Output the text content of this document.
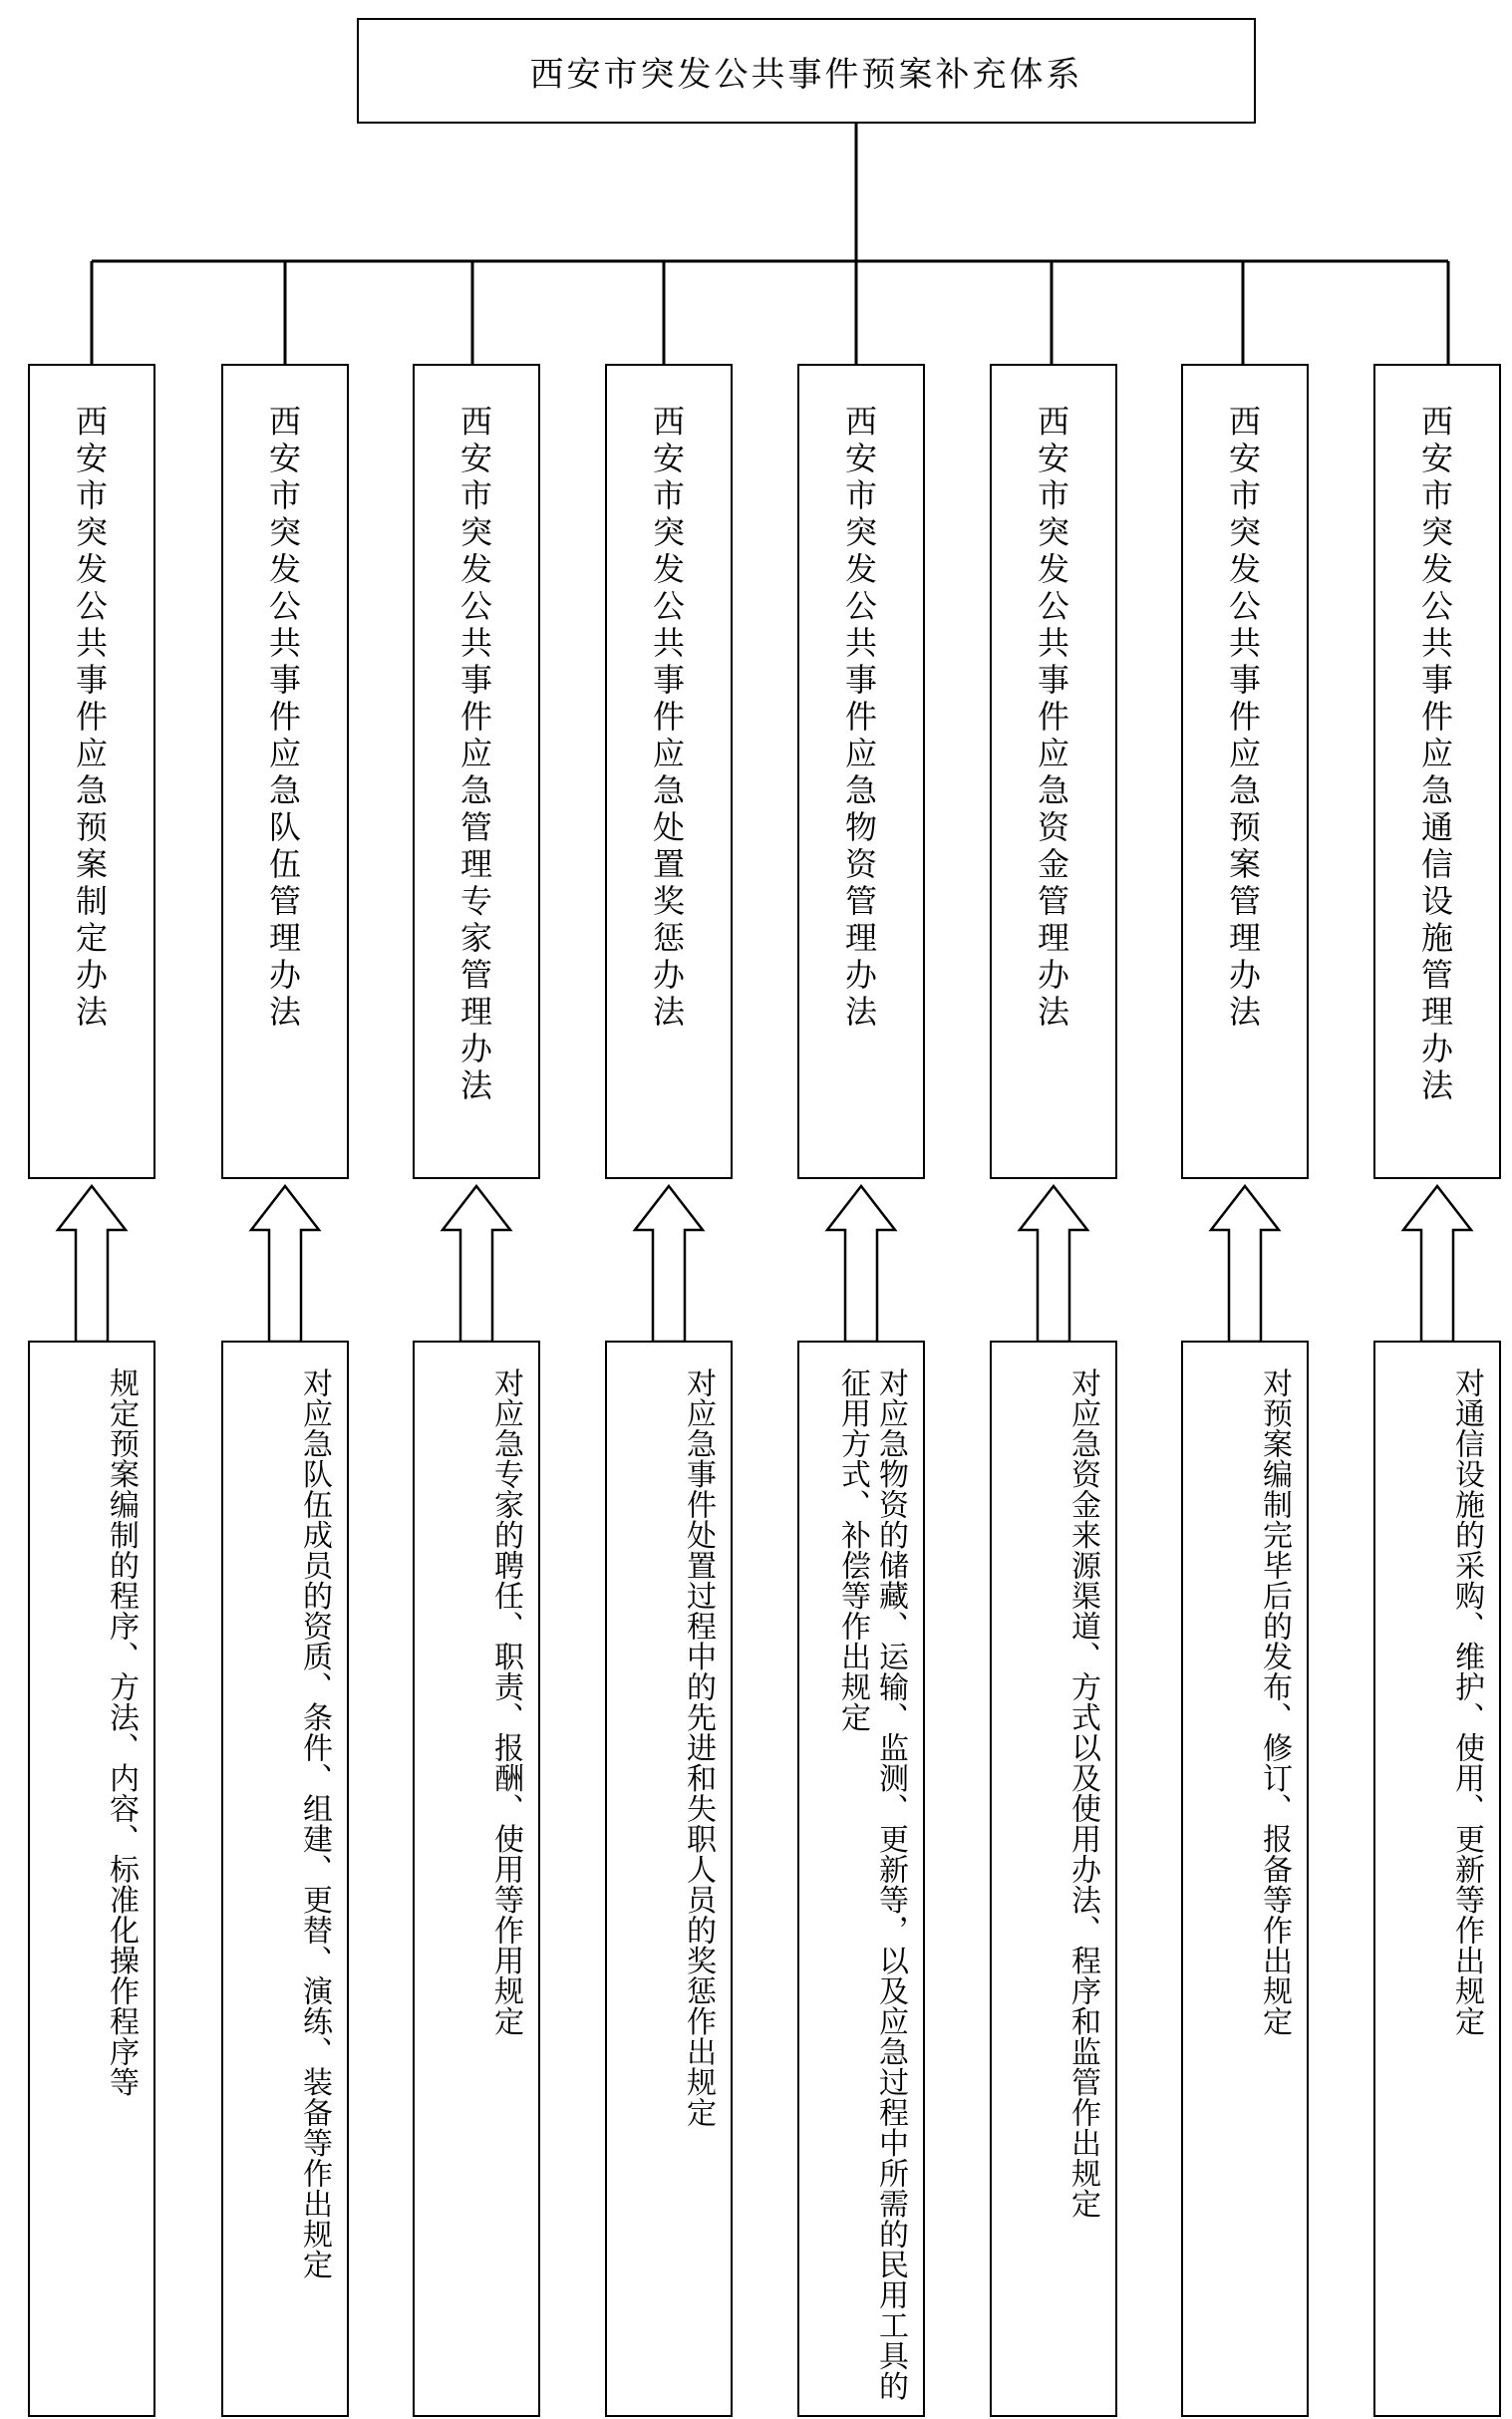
西安市突发公共事件预案补充体系
西安市突发公共事件应急预案制定办法
西安市突发公共事件应急队伍管理办法
西安市突发公共事件应急管理专家管理办法
西安市突发公共事件应急处置奖惩办法
西安市突发公共事件应急物资管理办法
西安市突发公共事件应急资金管理办法
西安市突发公共事件应急预案管理办法
西安市突发公共事件应急通信设施管理办法
规定预案编制的程序、方法、内容、标准化操作程序等	对应急队伍成员的资质、条件、组建、更替、演练、装备等作出规定	对应急专家的聘任、职责、报酬、使用等作用规定	对应急事件处置过程中的先进和失职人员的奖惩作出规定	对应急物资的储藏、运输、监测、更新等，以及应急过程中所需的民用工具的征用方式、补偿等作出规定	对应急资金来源渠道、方式以及使用办法、程序和监管作出规定	对预案编制完毕后的发布、修订、报备等作出规定	对通信设施的采购、维护、使用、更新等作出规定
